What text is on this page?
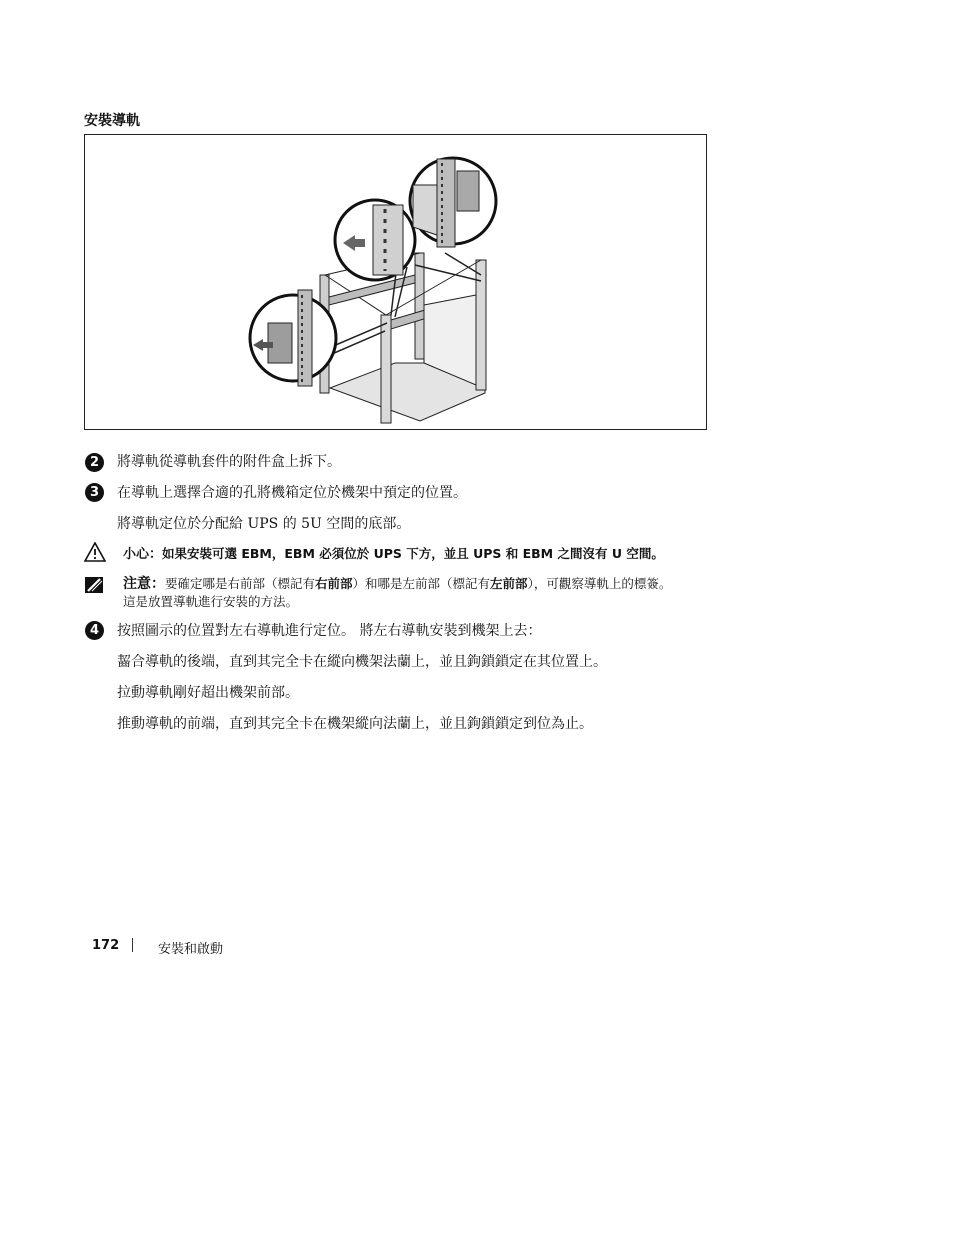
安裝導軌
2	將導軌從導軌套件的附件盒上拆下。
3	在導軌上選擇合適的孔將機箱定位於機架中預定的位置。
將導軌定位於分配給 UPS 的 5U 空間的底部。
小心：如果安裝可選 EBM，EBM 必須位於 UPS 下方，並且 UPS 和 EBM 之間沒有 U 空間。
注意：要確定哪是右前部（標記有右前部）和哪是左前部（標記有左前部），可觀察導軌上的標簽。
這是放置導軌進行安裝的方法。
4	按照圖示的位置對左右導軌進行定位。 將左右導軌安裝到機架上去：
齧合導軌的後端，直到其完全卡在縱向機架法蘭上，並且鉤鎖鎖定在其位置上。
拉動導軌剛好超出機架前部。
推動導軌的前端，直到其完全卡在機架縱向法蘭上，並且鉤鎖鎖定到位為止。
172	安裝和啟動
